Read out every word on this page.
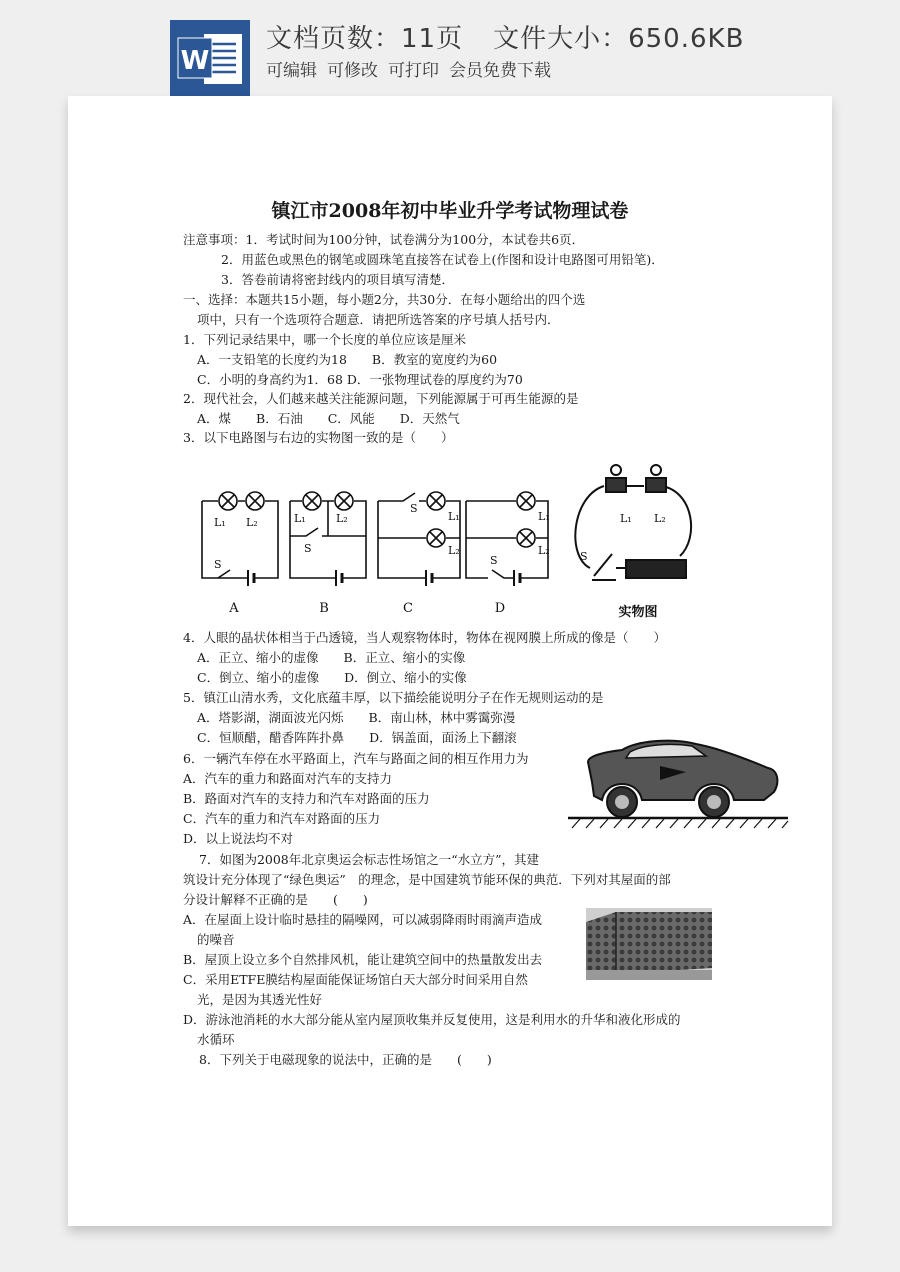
W
文档页数：11页 文件大小：650.6KB
可编辑 可修改 可打印 会员免费下载
镇江市2008年初中毕业升学考试物理试卷
注意事项：1．考试时间为100分钟，试卷满分为100分，本试卷共6页．
2．用蓝色或黑色的钢笔或圆珠笔直接答在试卷上(作图和设计电路图可用铅笔)．
3．答卷前请将密封线内的项目填写清楚．
一、选择：本题共15小题，每小题2分，共30分．在每小题给出的四个选
项中，只有一个选项符合题意．请把所选答案的序号填人括号内．
1．下列记录结果中，哪一个长度的单位应该是厘米
A．一支铅笔的长度约为18　　B．教室的宽度约为60
C．小明的身高约为1．68 D．一张物理试卷的厚度约为70
2．现代社会，人们越来越关注能源问题，下列能源属于可再生能源的是
A．煤　　B．石油　　C．风能　　D．天然气
3．以下电路图与右边的实物图一致的是（　　）
L₁ L₂
S
L₁	L₂
S
L₁
L₂
S
L₁
L₂
S
L₁ L₂
S
A	B	C	D	实物图
4．人眼的晶状体相当于凸透镜，当人观察物体时，物体在视网膜上所成的像是（　　）
A．正立、缩小的虚像　　B．正立、缩小的实像
C．倒立、缩小的虚像　　D．倒立、缩小的实像
5．镇江山清水秀，文化底蕴丰厚，以下描绘能说明分子在作无规则运动的是
A．塔影湖，湖面波光闪烁　　B．南山林，林中雾霭弥漫
C．恒顺醋，醋香阵阵扑鼻　　D．锅盖面，面汤上下翻滚
6．一辆汽车停在水平路面上，汽车与路面之间的相互作用力为
A．汽车的重力和路面对汽车的支持力
B．路面对汽车的支持力和汽车对路面的压力
C．汽车的重力和汽车对路面的压力
D．以上说法均不对
7．如图为2008年北京奥运会标志性场馆之一“水立方”，其建
筑设计充分体现了“绿色奥运”　的理念，是中国建筑节能环保的典范．下列对其屋面的部
分设计解释不正确的是　　(　　)
A．在屋面上设计临时悬挂的隔噪网，可以减弱降雨时雨滴声造成
的噪音
B．屋顶上设立多个自然排风机，能让建筑空间中的热量散发出去
C．采用ETFE膜结构屋面能保证场馆白天大部分时间采用自然
光，是因为其透光性好
D．游泳池消耗的水大部分能从室内屋顶收集并反复使用，这是利用水的升华和液化形成的
水循环
8．下列关于电磁现象的说法中，正确的是　　(　　)
